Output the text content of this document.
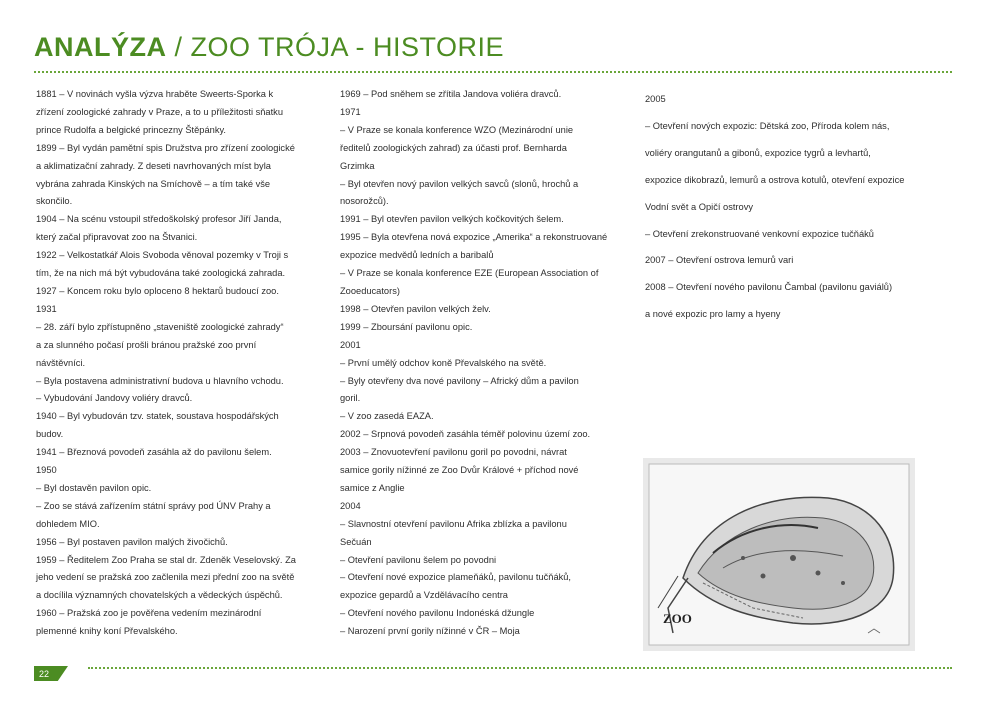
ANALÝZA / ZOO TRÓJA - HISTORIE

1881 – V novinách vyšla výzva hraběte Sweerts-Sporka k

zřízení zoologické zahrady v Praze, a to u příležitosti sňatku

prince Rudolfa a belgické princezny Štěpánky.

1899 – Byl vydán pamětní spis Družstva pro zřízení zoologické

a aklimatizační zahrady. Z deseti navrhovaných míst byla

vybrána zahrada Kinských na Smíchově – a tím také vše

skončilo.

1904 – Na scénu vstoupil středoškolský profesor Jiří Janda,

který začal připravovat zoo na Štvanici.

1922 – Velkostatkář Alois Svoboda věnoval pozemky v Troji s

tím, že na nich má být vybudována také zoologická zahrada.

1927 – Koncem roku bylo oploceno 8 hektarů budoucí zoo.

1931

– 28. září bylo zpřístupněno „staveniště zoologické zahrady“

a za slunného počasí prošli bránou pražské zoo první

návštěvníci.

– Byla postavena administrativní budova u hlavního vchodu.

– Vybudování Jandovy voliéry dravců.

1940 – Byl vybudován tzv. statek, soustava hospodářských

budov.

1941 – Březnová povodeň zasáhla až do pavilonu šelem.

1950

– Byl dostavěn pavilon opic.

– Zoo se stává zařízením státní správy pod ÚNV Prahy a

dohledem MIO.

1956 – Byl postaven pavilon malých živočichů.

1959 – Ředitelem Zoo Praha se stal dr. Zdeněk Veselovský. Za

jeho vedení se pražská zoo začlenila mezi přední zoo na světě

a docílila významných chovatelských a vědeckých úspěchů.

1960 – Pražská zoo je pověřena vedením mezinárodní

plemenné knihy koní Převalského.

1969 – Pod sněhem se zřítila Jandova voliéra dravců.

1971

– V Praze se konala konference WZO (Mezinárodní unie

ředitelů zoologických zahrad) za účasti prof. Bernharda

Grzimka

– Byl otevřen nový pavilon velkých savců (slonů, hrochů a

nosorožců).

1991 – Byl otevřen pavilon velkých kočkovitých šelem.

1995 – Byla otevřena nová expozice „Amerika“ a rekonstruované

expozice medvědů ledních a baribalů

– V Praze se konala konference EZE (European Association of

Zooeducators)

1998 – Otevřen pavilon velkých želv.

1999 – Zboursání pavilonu opic.

2001

– První umělý odchov koně Převalského na světě.

– Byly otevřeny dva nové pavilony – Africký dům a pavilon

goril.

– V zoo zasedá EAZA.

2002 – Srpnová povodeň zasáhla téměř polovinu území zoo.

2003 – Znovuotevření pavilonu goril po povodni, návrat

samice gorily nížinné ze Zoo Dvůr Králové + příchod nové

samice z Anglie

2004

– Slavnostní otevření pavilonu Afrika zblízka a pavilonu

Sečuán

– Otevření pavilonu šelem po povodni

– Otevření nové expozice plameňáků, pavilonu tučňáků,

expozice gepardů a Vzdělávacího centra

– Otevření nového pavilonu Indonéská džungle

– Narození první gorily nížinné v ČR – Moja

2005

– Otevření nových expozic: Dětská zoo, Příroda kolem nás,

voliéry orangutanů a gibonů, expozice tygrů a levhartů,

expozice dikobrazů, lemurů a ostrova kotulů, otevření expozice

Vodní svět a Opičí ostrovy

– Otevření zrekonstruované venkovní expozice tučňáků

2007 – Otevření ostrova lemurů vari

2008 – Otevření nového pavilonu Čambal (pavilonu gaviálů)

a nové expozic pro lamy a hyeny

ZOO
22
